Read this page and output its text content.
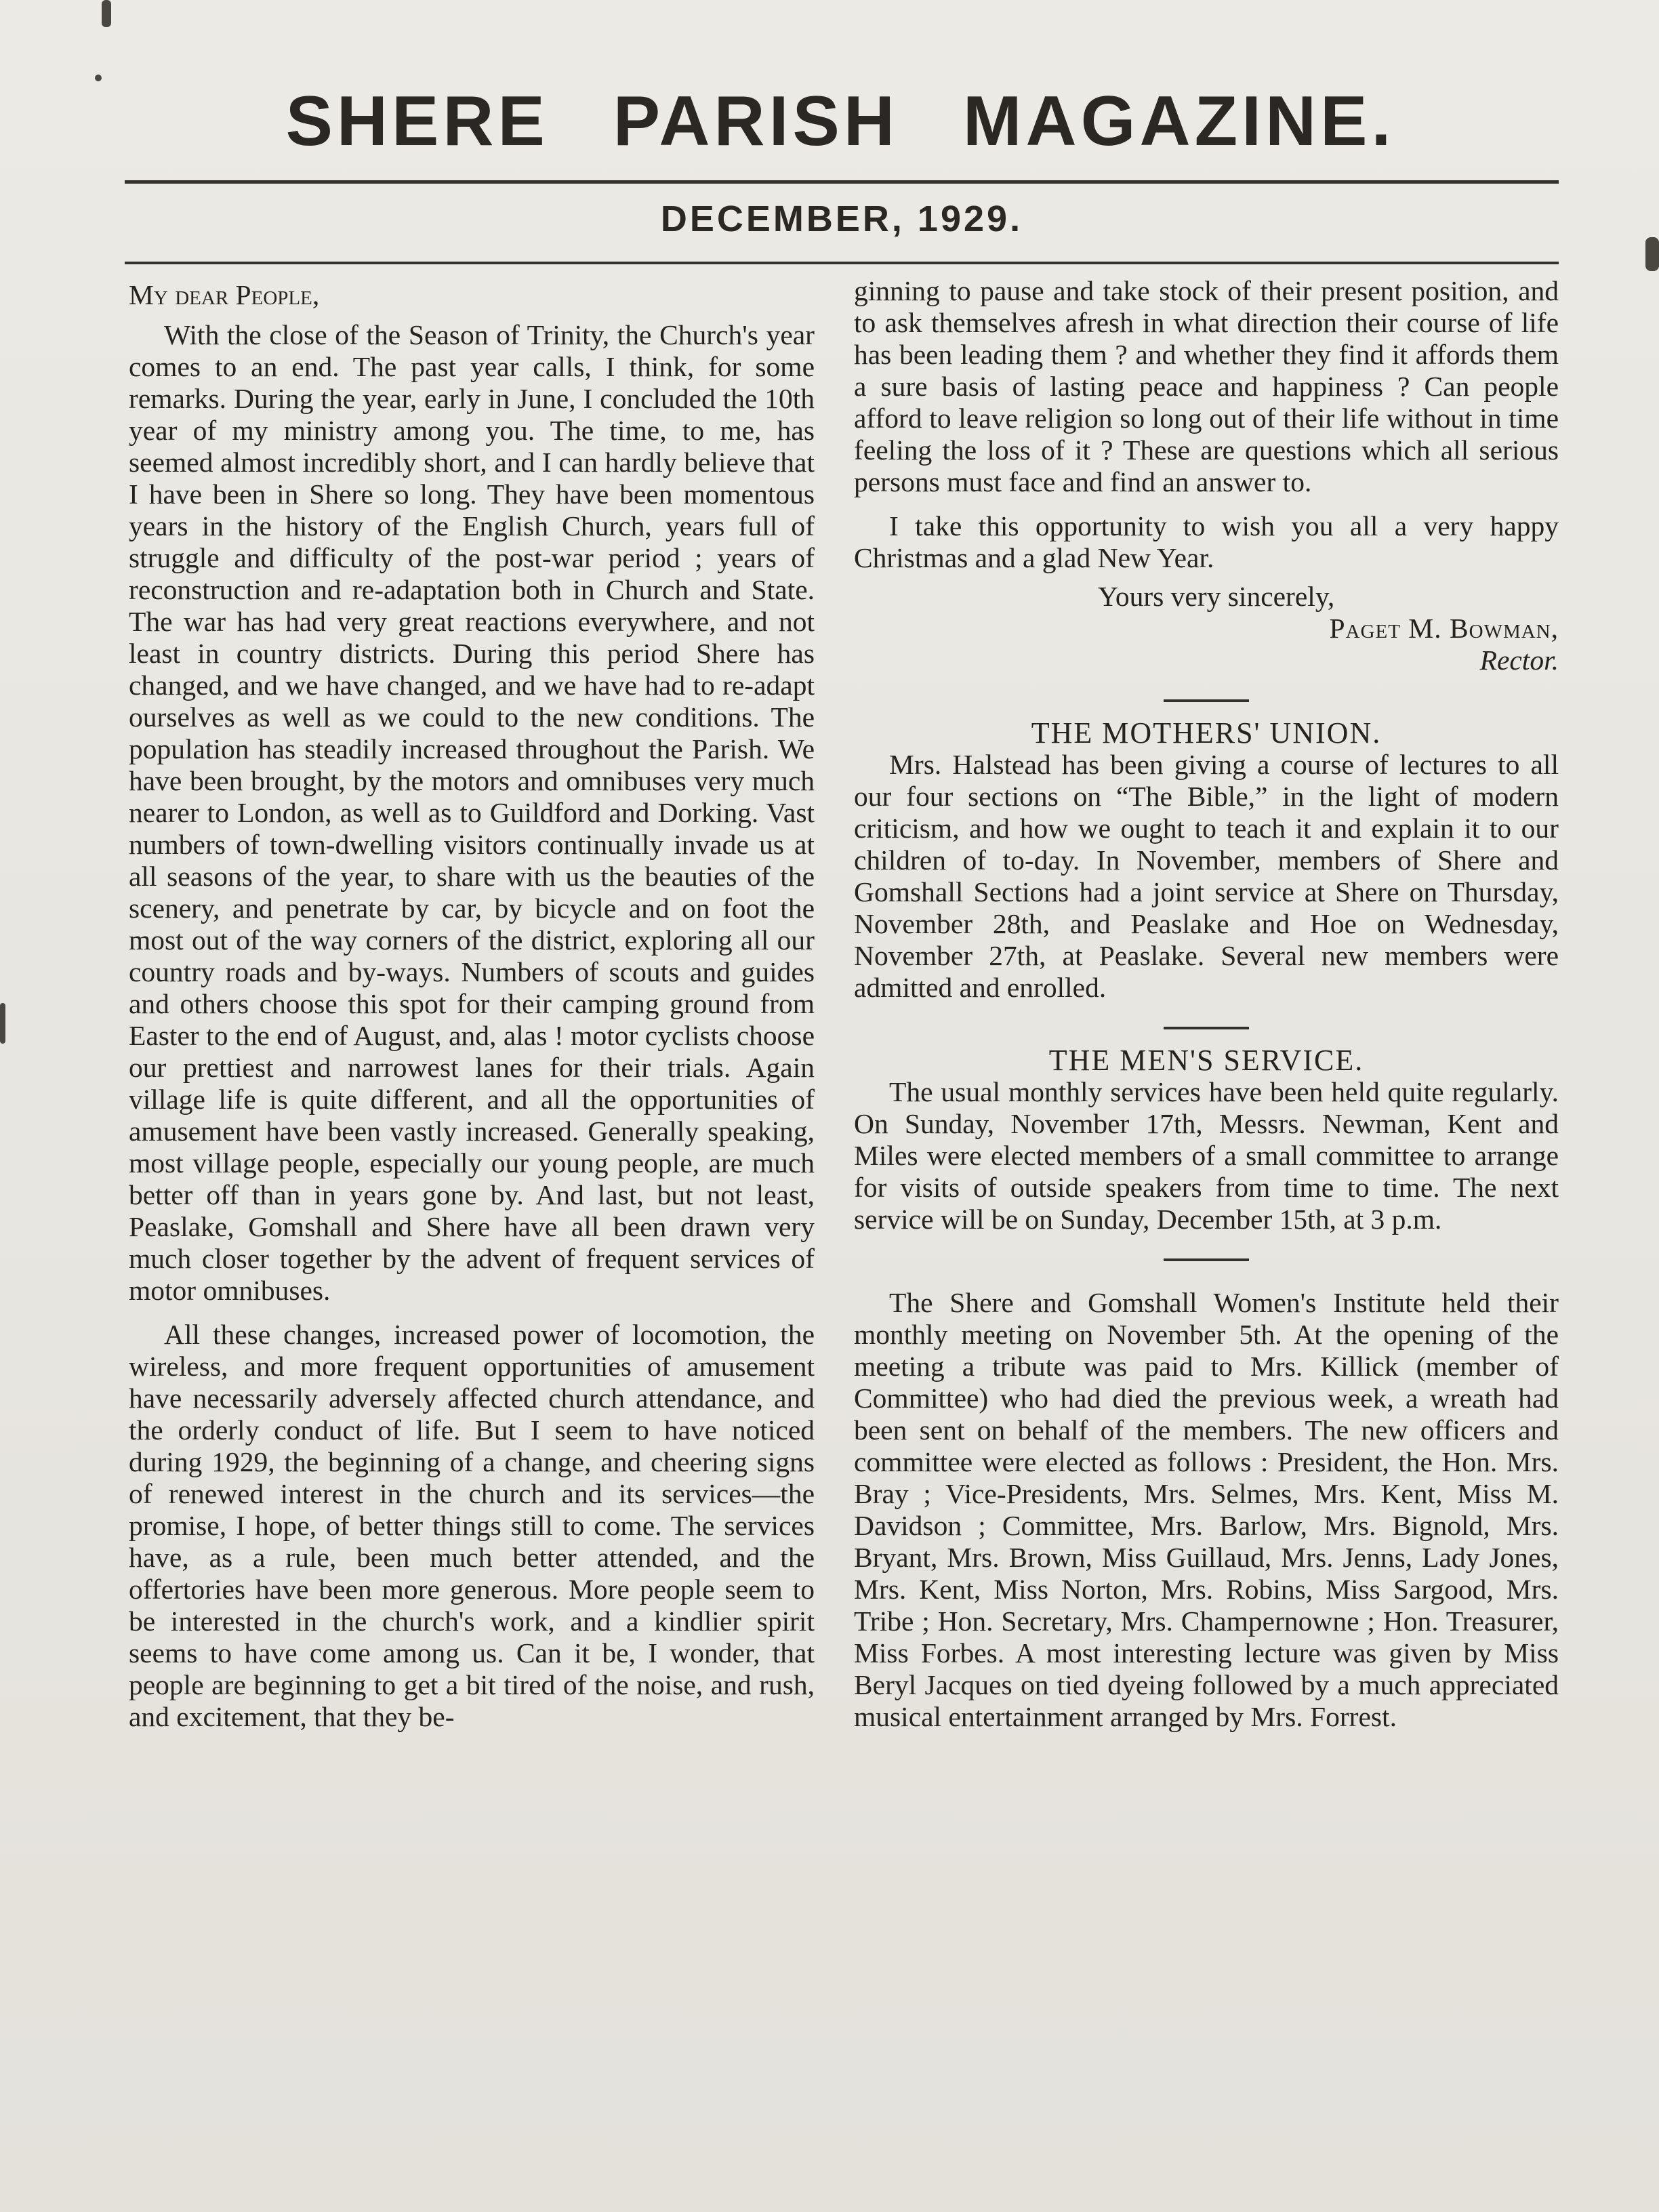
SHERE PARISH MAGAZINE.
DECEMBER, 1929.

My dear People,

With the close of the Season of Trinity, the Church's year comes to an end. The past year calls, I think, for some remarks. During the year, early in June, I concluded the 10th year of my ministry among you. The time, to me, has seemed almost incredibly short, and I can hardly believe that I have been in Shere so long. They have been momentous years in the history of the English Church, years full of struggle and difficulty of the post-war period ; years of reconstruction and re-adaptation both in Church and State. The war has had very great reactions everywhere, and not least in country districts. During this period Shere has changed, and we have changed, and we have had to re-adapt ourselves as well as we could to the new conditions. The population has steadily increased throughout the Parish. We have been brought, by the motors and omnibuses very much nearer to London, as well as to Guildford and Dorking. Vast numbers of town-dwelling visitors continually invade us at all seasons of the year, to share with us the beauties of the scenery, and penetrate by car, by bicycle and on foot the most out of the way corners of the district, exploring all our country roads and by-ways. Numbers of scouts and guides and others choose this spot for their camping ground from Easter to the end of August, and, alas ! motor cyclists choose our prettiest and narrowest lanes for their trials. Again village life is quite different, and all the opportunities of amusement have been vastly increased. Generally speaking, most village people, especially our young people, are much better off than in years gone by. And last, but not least, Peaslake, Gomshall and Shere have all been drawn very much closer together by the advent of frequent services of motor omnibuses.

All these changes, increased power of locomotion, the wireless, and more frequent opportunities of amusement have necessarily adversely affected church attendance, and the orderly conduct of life. But I seem to have noticed during 1929, the beginning of a change, and cheering signs of renewed interest in the church and its services—the promise, I hope, of better things still to come. The services have, as a rule, been much better attended, and the offertories have been more generous. More people seem to be interested in the church's work, and a kindlier spirit seems to have come among us. Can it be, I wonder, that people are beginning to get a bit tired of the noise, and rush, and excitement, that they be-

ginning to pause and take stock of their present position, and to ask themselves afresh in what direction their course of life has been leading them ? and whether they find it affords them a sure basis of lasting peace and happiness ? Can people afford to leave religion so long out of their life without in time feeling the loss of it ? These are questions which all serious persons must face and find an answer to.

I take this opportunity to wish you all a very happy Christmas and a glad New Year.

Yours very sincerely,

Paget M. Bowman,

Rector.

THE MOTHERS' UNION.

Mrs. Halstead has been giving a course of lectures to all our four sections on “The Bible,” in the light of modern criticism, and how we ought to teach it and explain it to our children of to-day. In November, members of Shere and Gomshall Sections had a joint service at Shere on Thursday, November 28th, and Peaslake and Hoe on Wednesday, November 27th, at Peaslake. Several new members were admitted and enrolled.

THE MEN'S SERVICE.

The usual monthly services have been held quite regularly. On Sunday, November 17th, Messrs. Newman, Kent and Miles were elected members of a small committee to arrange for visits of outside speakers from time to time. The next service will be on Sunday, December 15th, at 3 p.m.

The Shere and Gomshall Women's Institute held their monthly meeting on November 5th. At the opening of the meeting a tribute was paid to Mrs. Killick (member of Committee) who had died the previous week, a wreath had been sent on behalf of the members. The new officers and committee were elected as follows : President, the Hon. Mrs. Bray ; Vice-Presidents, Mrs. Selmes, Mrs. Kent, Miss M. Davidson ; Committee, Mrs. Barlow, Mrs. Bignold, Mrs. Bryant, Mrs. Brown, Miss Guillaud, Mrs. Jenns, Lady Jones, Mrs. Kent, Miss Norton, Mrs. Robins, Miss Sargood, Mrs. Tribe ; Hon. Secretary, Mrs. Champernowne ; Hon. Treasurer, Miss Forbes. A most interesting lecture was given by Miss Beryl Jacques on tied dyeing followed by a much appreciated musical entertainment arranged by Mrs. Forrest.
